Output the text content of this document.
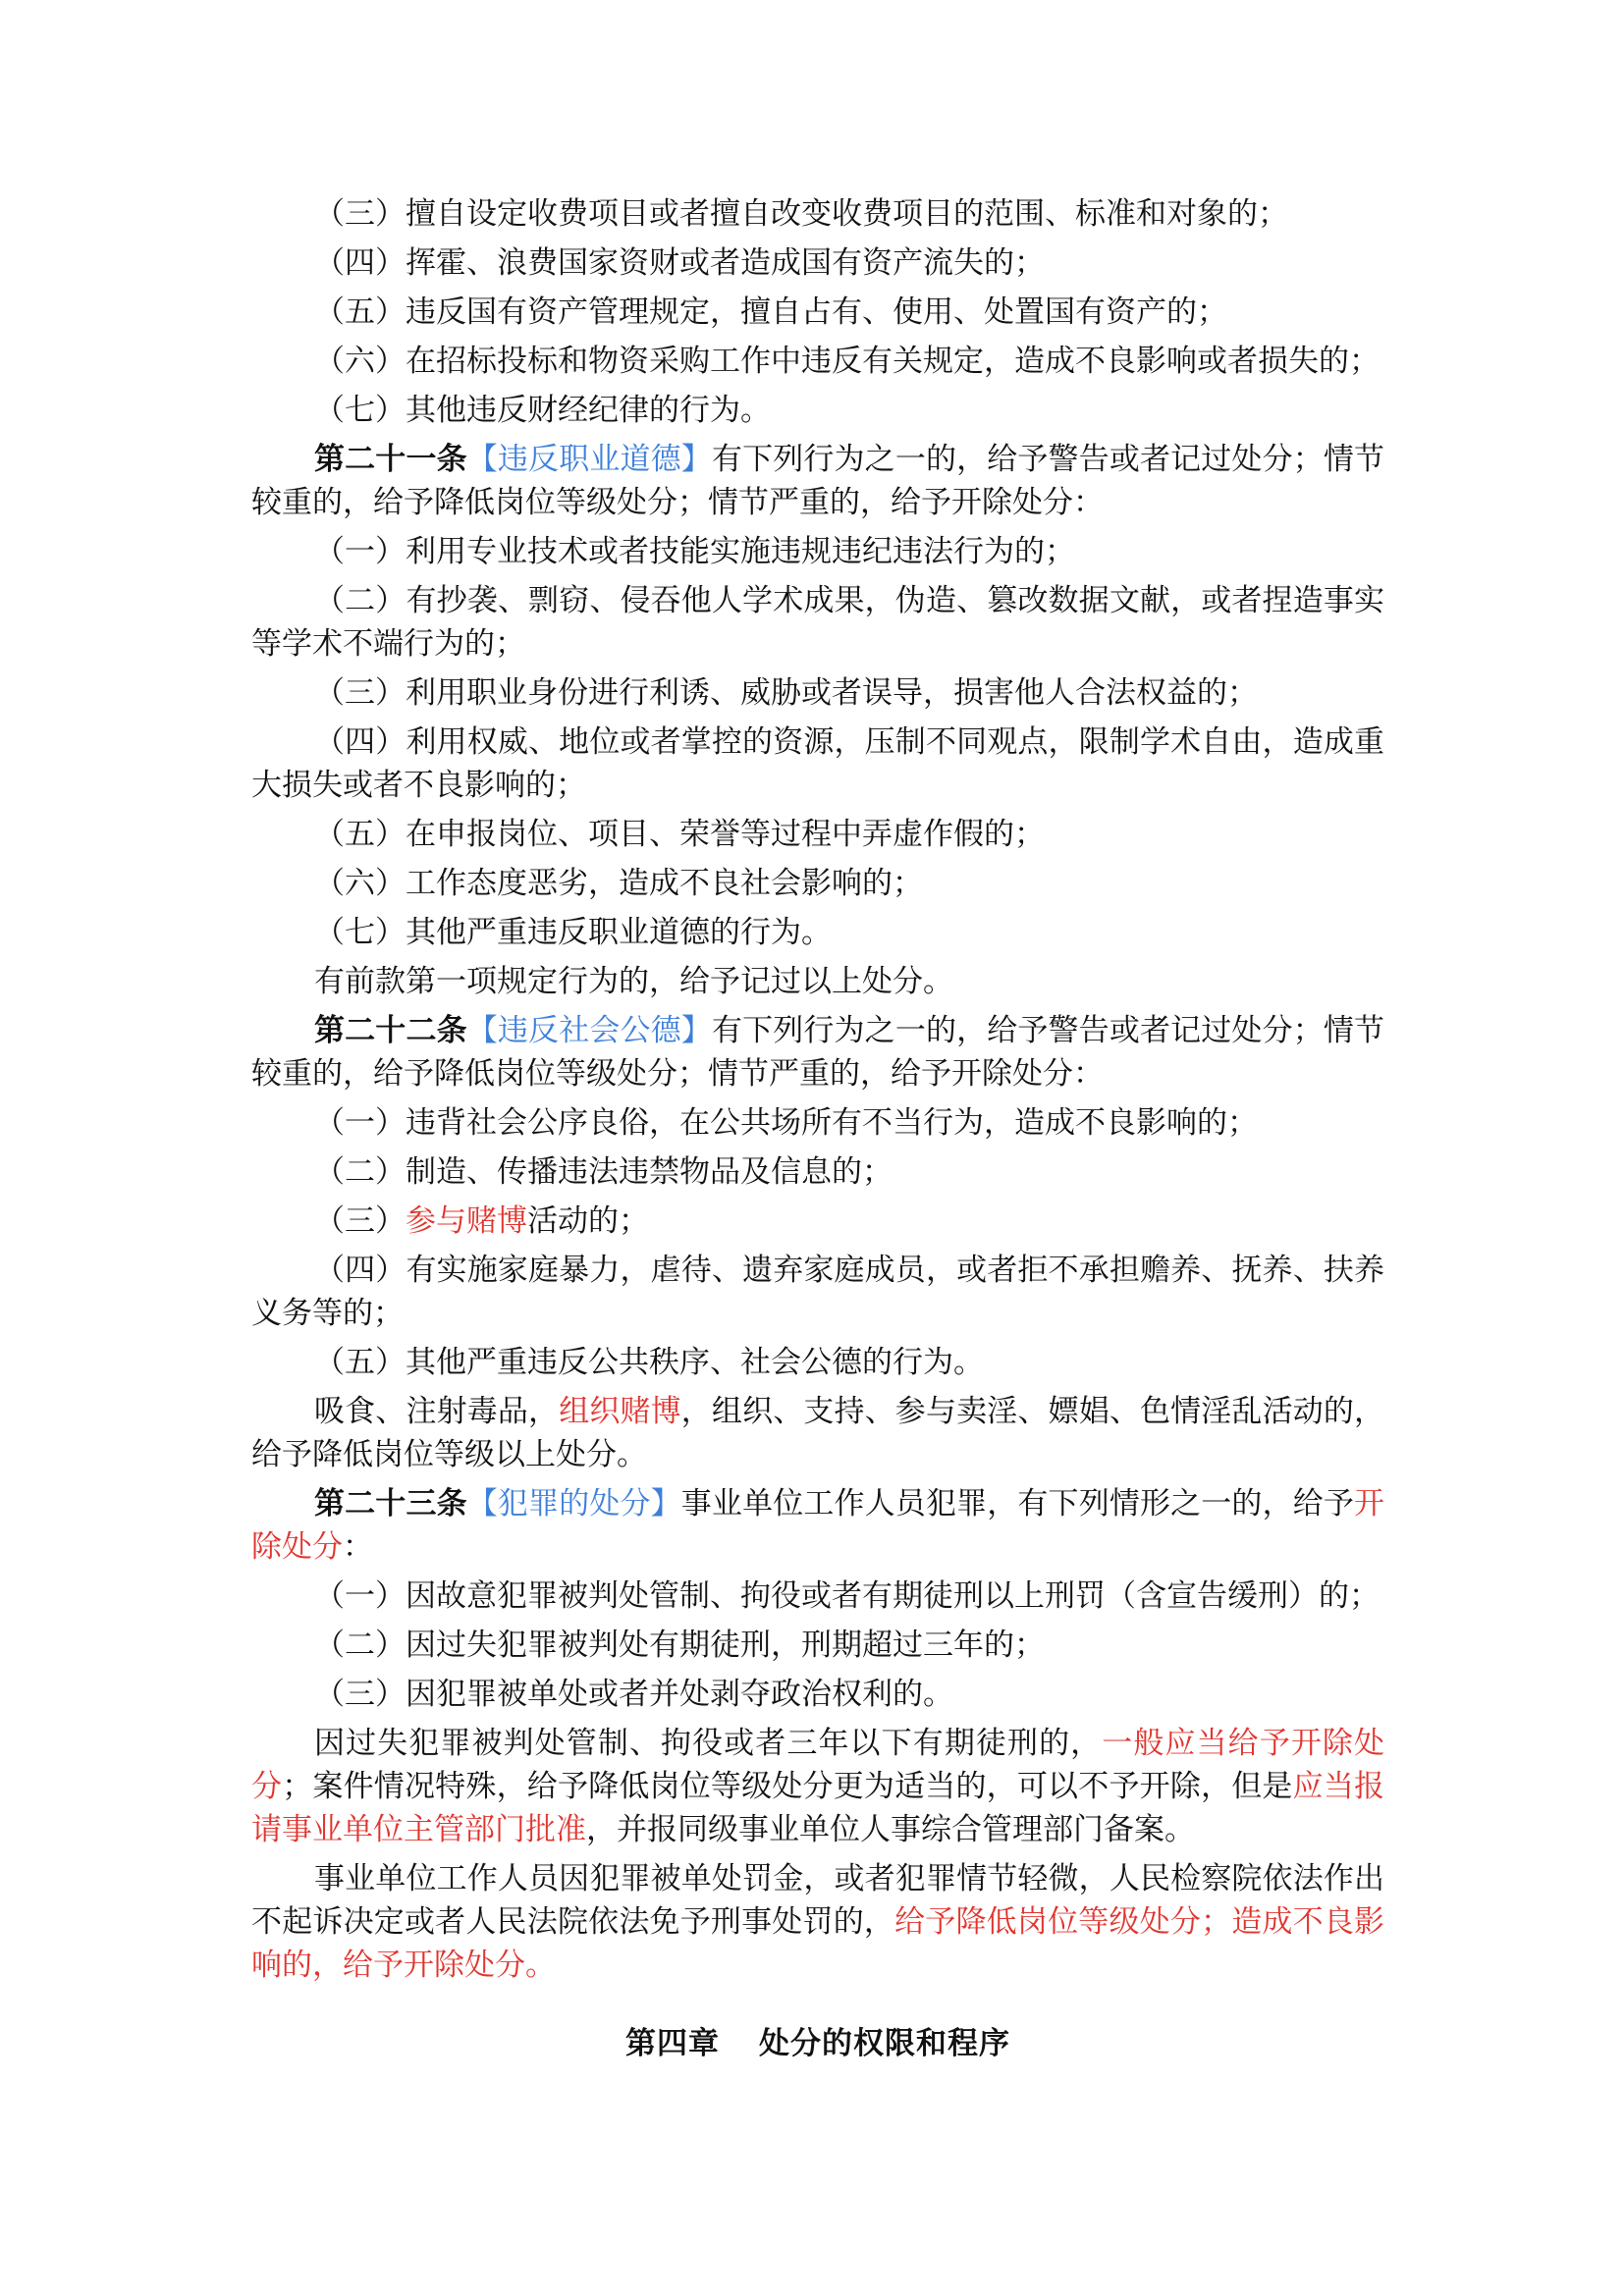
（三）擅自设定收费项目或者擅自改变收费项目的范围、标准和对象的；

（四）挥霍、浪费国家资财或者造成国有资产流失的；

（五）违反国有资产管理规定，擅自占有、使用、处置国有资产的；

（六）在招标投标和物资采购工作中违反有关规定，造成不良影响或者损失的；

（七）其他违反财经纪律的行为。

第二十一条【违反职业道德】有下列行为之一的，给予警告或者记过处分；情节较重的，给予降低岗位等级处分；情节严重的，给予开除处分：

（一）利用专业技术或者技能实施违规违纪违法行为的；

（二）有抄袭、剽窃、侵吞他人学术成果，伪造、篡改数据文献，或者捏造事实等学术不端行为的；

（三）利用职业身份进行利诱、威胁或者误导，损害他人合法权益的；

（四）利用权威、地位或者掌控的资源，压制不同观点，限制学术自由，造成重大损失或者不良影响的；

（五）在申报岗位、项目、荣誉等过程中弄虚作假的；

（六）工作态度恶劣，造成不良社会影响的；

（七）其他严重违反职业道德的行为。

有前款第一项规定行为的，给予记过以上处分。

第二十二条【违反社会公德】有下列行为之一的，给予警告或者记过处分；情节较重的，给予降低岗位等级处分；情节严重的，给予开除处分：

（一）违背社会公序良俗，在公共场所有不当行为，造成不良影响的；

（二）制造、传播违法违禁物品及信息的；

（三）参与赌博活动的；

（四）有实施家庭暴力，虐待、遗弃家庭成员，或者拒不承担赡养、抚养、扶养义务等的；

（五）其他严重违反公共秩序、社会公德的行为。

吸食、注射毒品，组织赌博，组织、支持、参与卖淫、嫖娼、色情淫乱活动的，给予降低岗位等级以上处分。

第二十三条【犯罪的处分】事业单位工作人员犯罪，有下列情形之一的，给予开除处分：

（一）因故意犯罪被判处管制、拘役或者有期徒刑以上刑罚（含宣告缓刑）的；

（二）因过失犯罪被判处有期徒刑，刑期超过三年的；

（三）因犯罪被单处或者并处剥夺政治权利的。

因过失犯罪被判处管制、拘役或者三年以下有期徒刑的，一般应当给予开除处分；案件情况特殊，给予降低岗位等级处分更为适当的，可以不予开除，但是应当报请事业单位主管部门批准，并报同级事业单位人事综合管理部门备案。

事业单位工作人员因犯罪被单处罚金，或者犯罪情节轻微，人民检察院依法作出不起诉决定或者人民法院依法免予刑事处罚的，给予降低岗位等级处分；造成不良影响的，给予开除处分。

第四章 处分的权限和程序
